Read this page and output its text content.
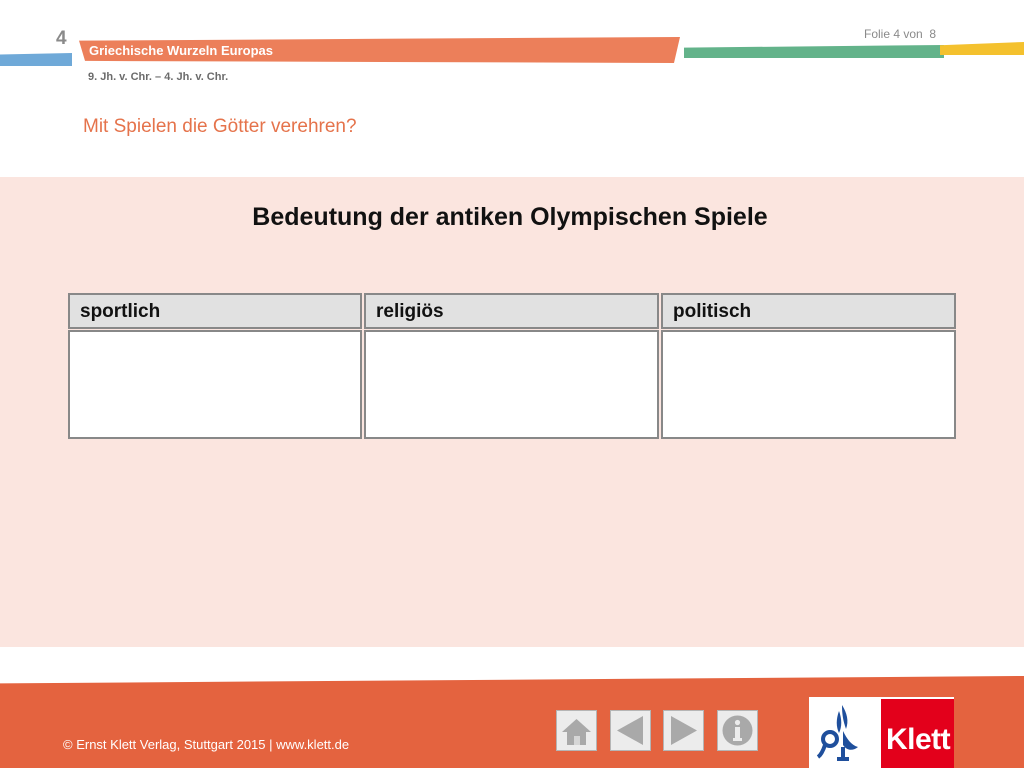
4
Griechische Wurzeln Europas
9. Jh. v. Chr. – 4. Jh. v. Chr.
Folie 4 von  8
Mit Spielen die Götter verehren?
Bedeutung der antiken Olympischen Spiele
sportlich	religiös	politisch
© Ernst Klett Verlag, Stuttgart 2015 | www.klett.de	Klett
